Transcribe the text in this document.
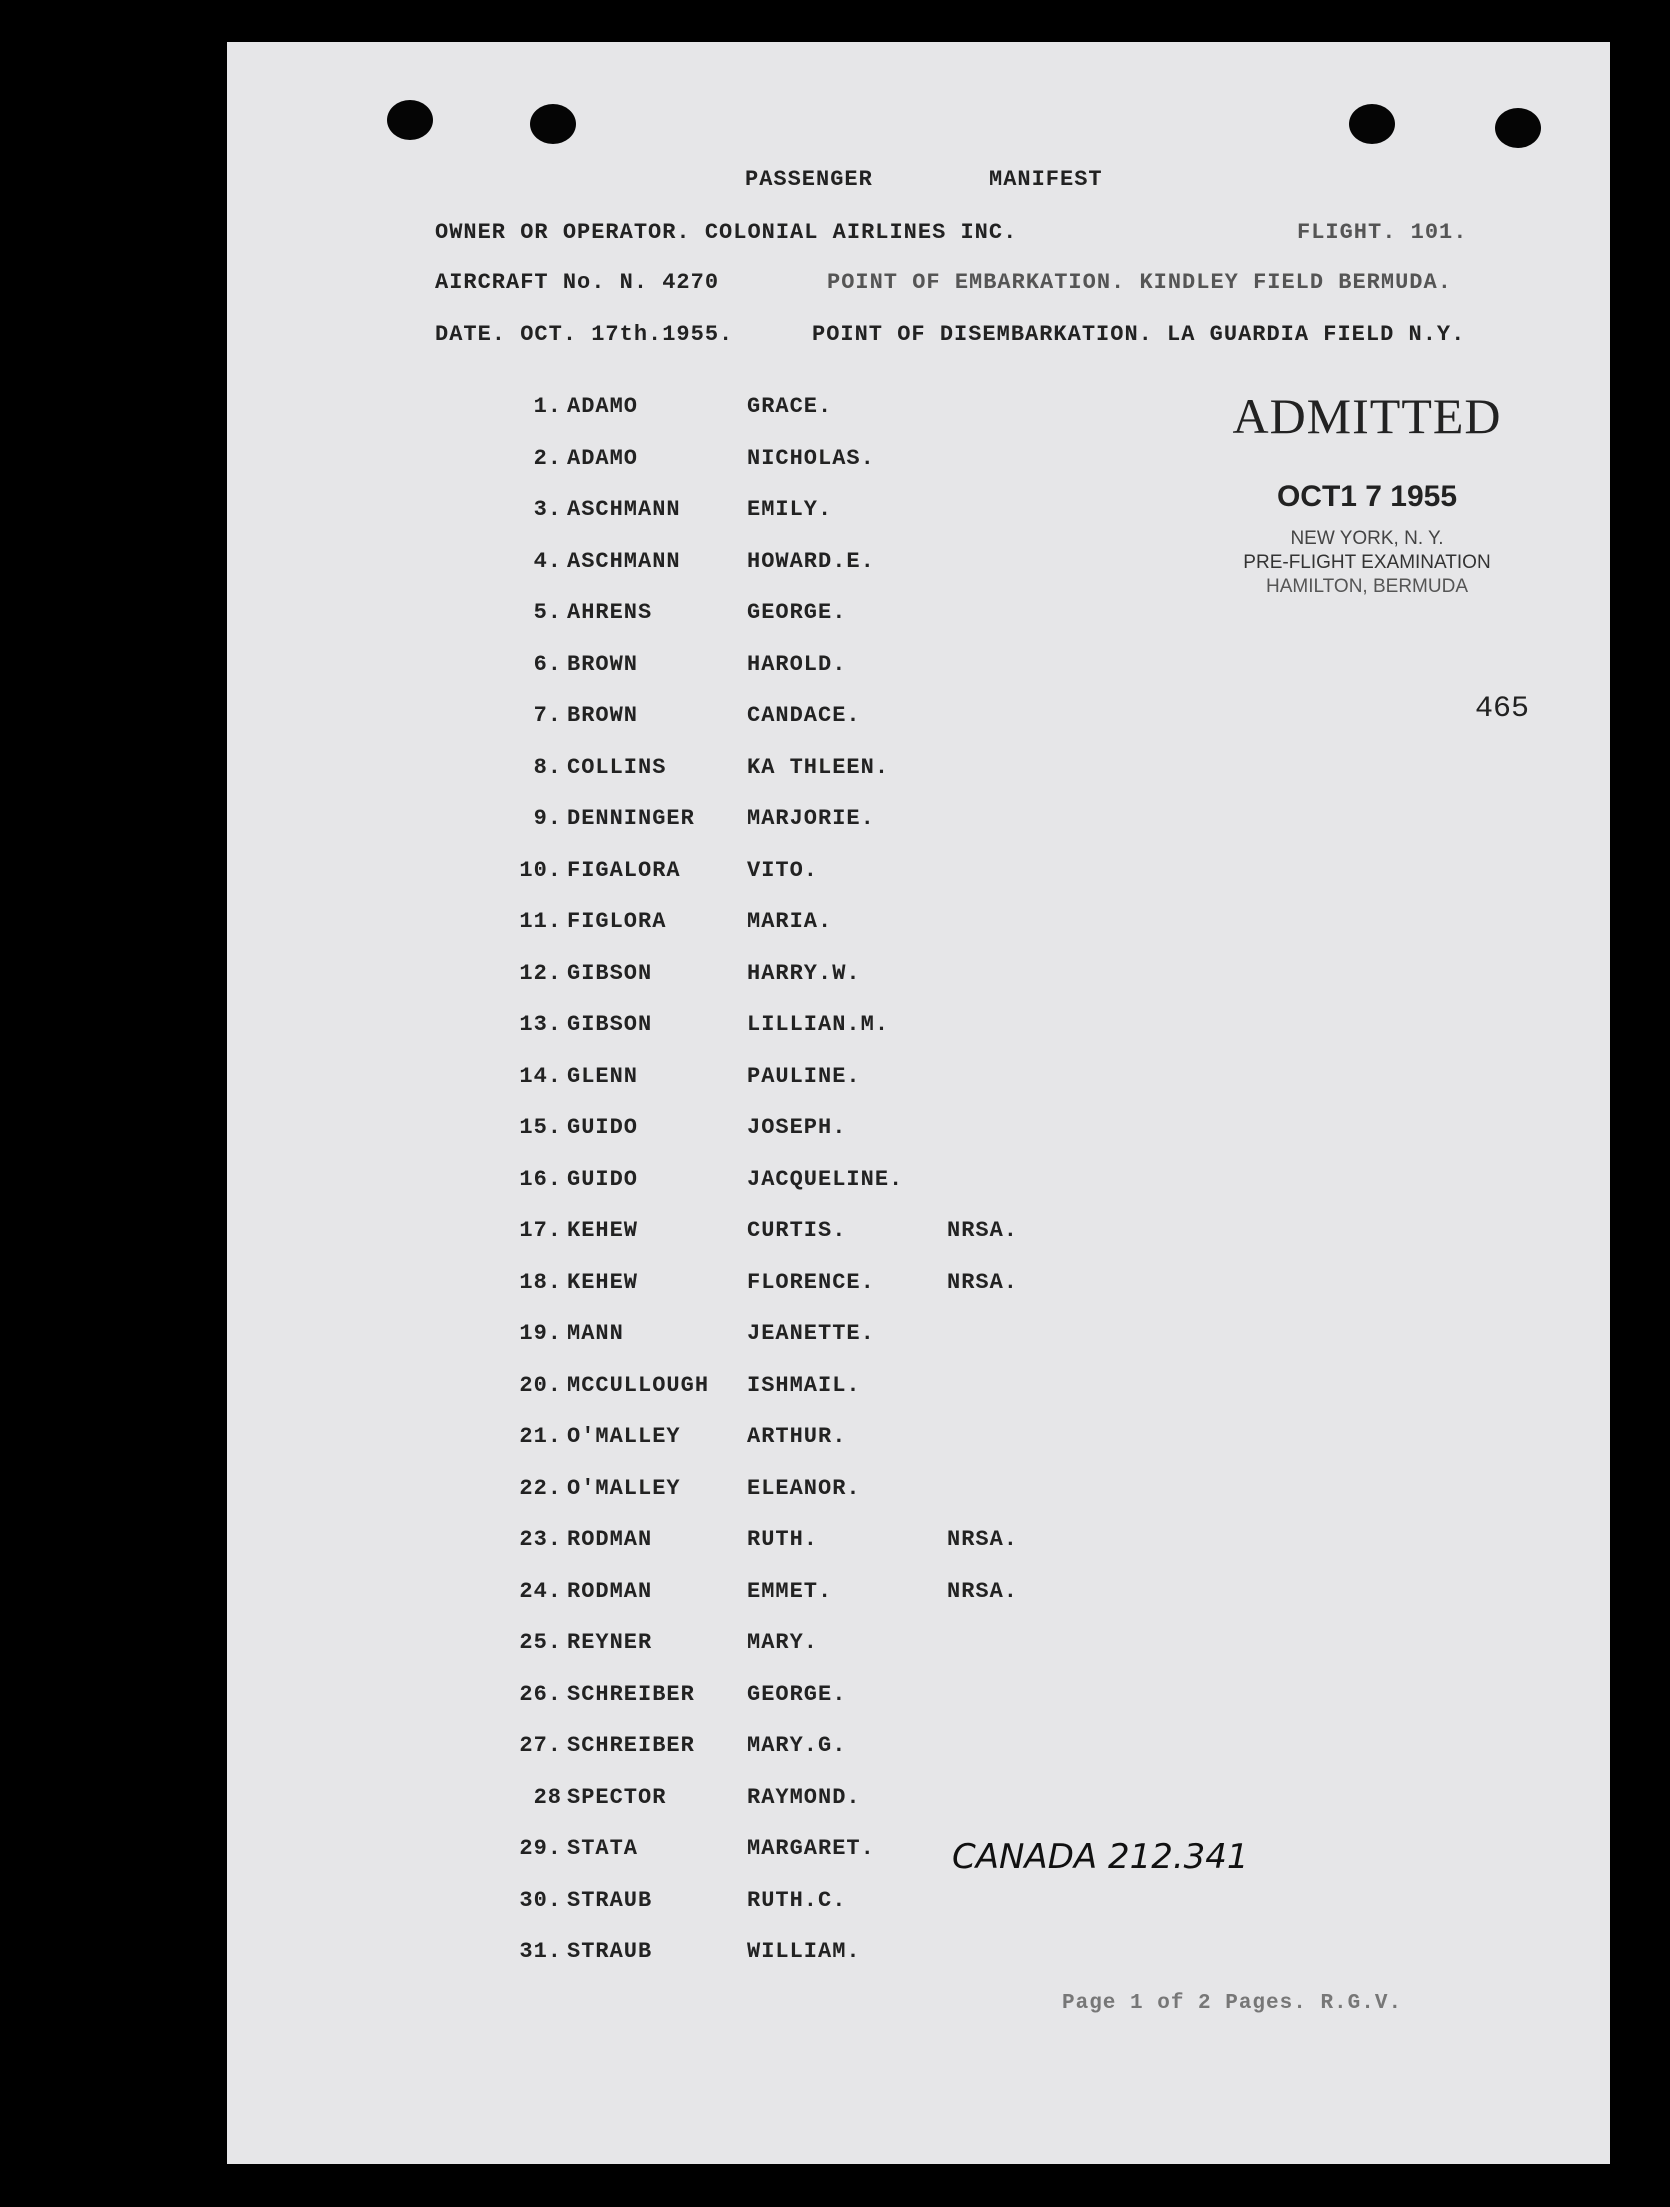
PASSENGER	MANIFEST
OWNER OR OPERATOR. COLONIAL AIRLINES INC.	FLIGHT. 101.
AIRCRAFT No. N. 4270	POINT OF EMBARKATION. KINDLEY FIELD BERMUDA.
DATE. OCT. 17th.1955.	POINT OF DISEMBARKATION. LA GUARDIA FIELD N.Y.
1. ADAMO	GRACE.
2. ADAMO	NICHOLAS.
3. ASCHMANN	EMILY.
4. ASCHMANN	HOWARD.E.
5. AHRENS	GEORGE.
6. BROWN	HAROLD.
7. BROWN	CANDACE.
8. COLLINS	KA THLEEN.
9. DENNINGER MARJORIE.
10. FIGALORA	VITO.
11. FIGLORA	MARIA.
12. GIBSON	HARRY.W.
13. GIBSON	LILLIAN.M.
14. GLENN	PAULINE.
15. GUIDO	JOSEPH.
16. GUIDO	JACQUELINE.
17. KEHEW	CURTIS.	NRSA.
18. KEHEW	FLORENCE.	NRSA.
19. MANN	JEANETTE.
20. MCCULLOUGH ISHMAIL.
21. O'MALLEY	ARTHUR.
22. O'MALLEY	ELEANOR.
23. RODMAN	RUTH.	NRSA.
24. RODMAN	EMMET.	NRSA.
25. REYNER	MARY.
26. SCHREIBER GEORGE.
27. SCHREIBER MARY.G.
28 SPECTOR	RAYMOND.
29. STATA	MARGARET.
30. STRAUB	RUTH.C.
31. STRAUB	WILLIAM.
ADMITTED
OCT1 7 1955
NEW YORK, N. Y.
PRE-FLIGHT EXAMINATION
HAMILTON, BERMUDA
465
CANADA 212.341
Page 1 of 2 Pages. R.G.V.
